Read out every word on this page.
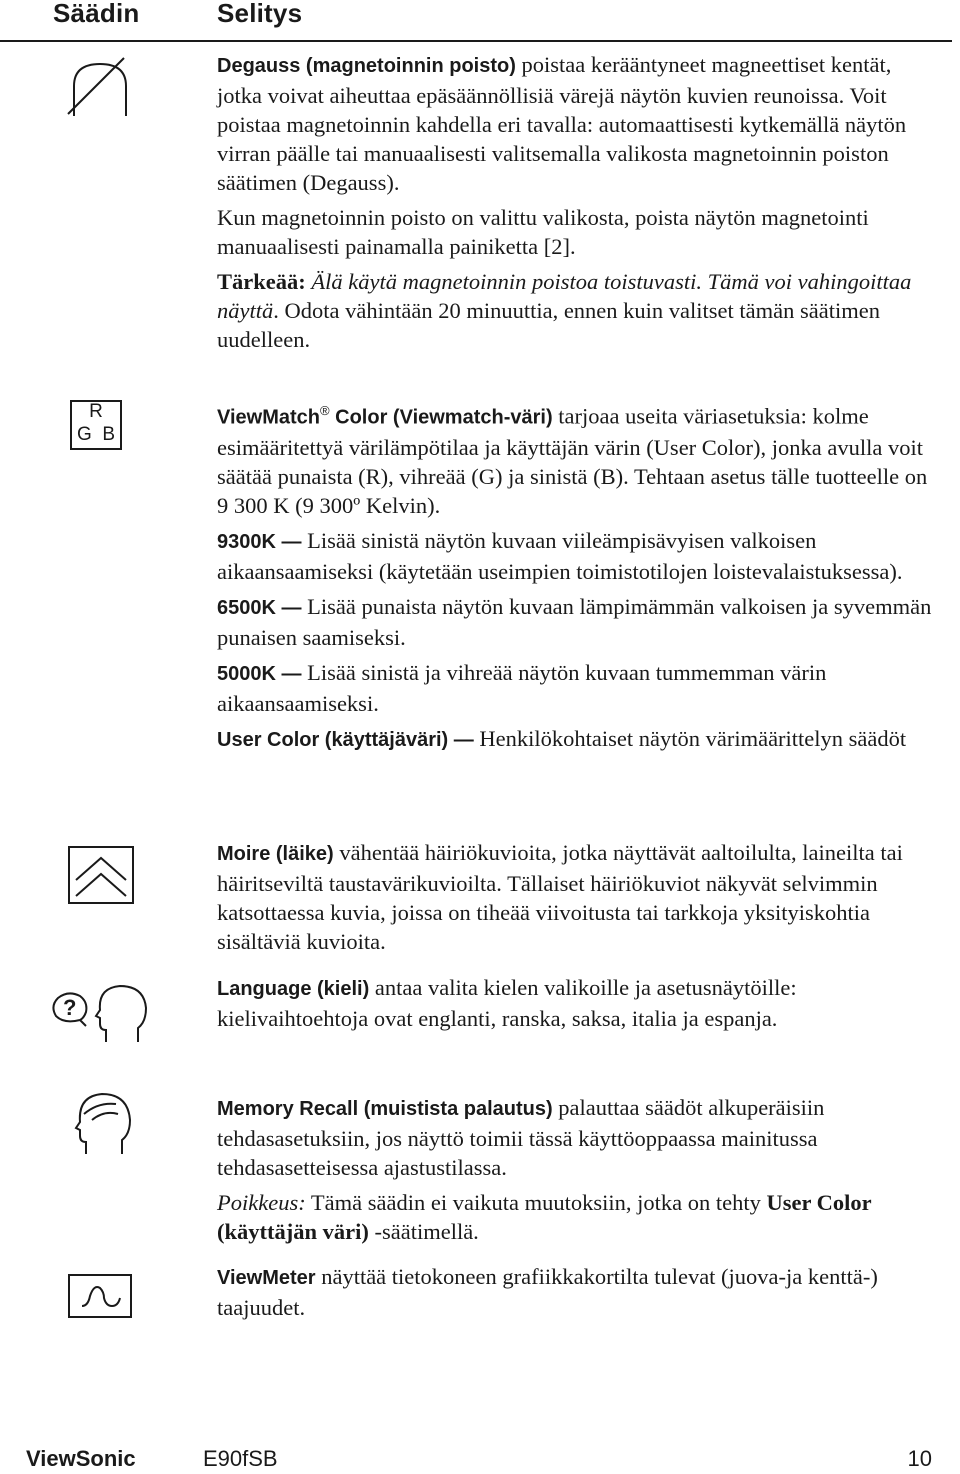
Säädin	Selitys

Degauss (magnetoinnin poisto) poistaa kerääntyneet magneettiset kentät, jotka voivat aiheuttaa epäsäännöllisiä värejä näytön kuvien reunoissa. Voit poistaa magnetoinnin kahdella eri tavalla: automaattisesti kytkemällä näytön virran päälle tai manuaalisesti valitsemalla valikosta magnetoinnin poiston säätimen (Degauss).

Kun magnetoinnin poisto on valittu valikosta, poista näytön magnetointi manuaalisesti painamalla painiketta [2].

Tärkeää: Älä käytä magnetoinnin poistoa toistuvasti. Tämä voi vahingoittaa näyttä. Odota vähintään 20 minuuttia, ennen kuin valitset tämän säätimen uudelleen.

R
G  B

ViewMatch® Color (Viewmatch-väri) tarjoaa useita väriasetuksia: kolme esimääritettyä värilämpötilaa ja käyttäjän värin (User Color), jonka avulla voit säätää punaista (R), vihreää (G) ja sinistä (B). Tehtaan asetus tälle tuotteelle on 9 300 K (9 300º Kelvin).

9300K — Lisää sinistä näytön kuvaan viileämpisävyisen valkoisen aikaansaamiseksi (käytetään useimpien toimistotilojen loistevalaistuksessa).

6500K — Lisää punaista näytön kuvaan lämpimämmän valkoisen ja syvemmän punaisen saamiseksi.

5000K — Lisää sinistä ja vihreää näytön kuvaan tummemman värin aikaansaamiseksi.

User Color (käyttäjäväri) — Henkilökohtaiset näytön värimäärittelyn säädöt

Moire (läike) vähentää häiriökuvioita, jotka näyttävät aaltoilulta, laineilta tai häiritseviltä taustavärikuvioilta. Tällaiset häiriökuviot näkyvät selvimmin katsottaessa kuvia, joissa on tiheää viivoitusta tai tarkkoja yksityiskohtia sisältäviä kuvioita.

?

Language (kieli) antaa valita kielen valikoille ja asetusnäytöille: kielivaihtoehtoja ovat englanti, ranska, saksa, italia ja espanja.

Memory Recall (muistista palautus) palauttaa säädöt alkuperäisiin tehdasasetuksiin, jos näyttö toimii tässä käyttöoppaassa mainitussa tehdasasetteisessa ajastustilassa.

Poikkeus: Tämä säädin ei vaikuta muutoksiin, jotka on tehty User Color (käyttäjän väri) -säätimellä.

ViewMeter näyttää tietokoneen grafiikkakortilta tulevat (juova-ja kenttä-) taajuudet.

ViewSonic	E90fSB	10
